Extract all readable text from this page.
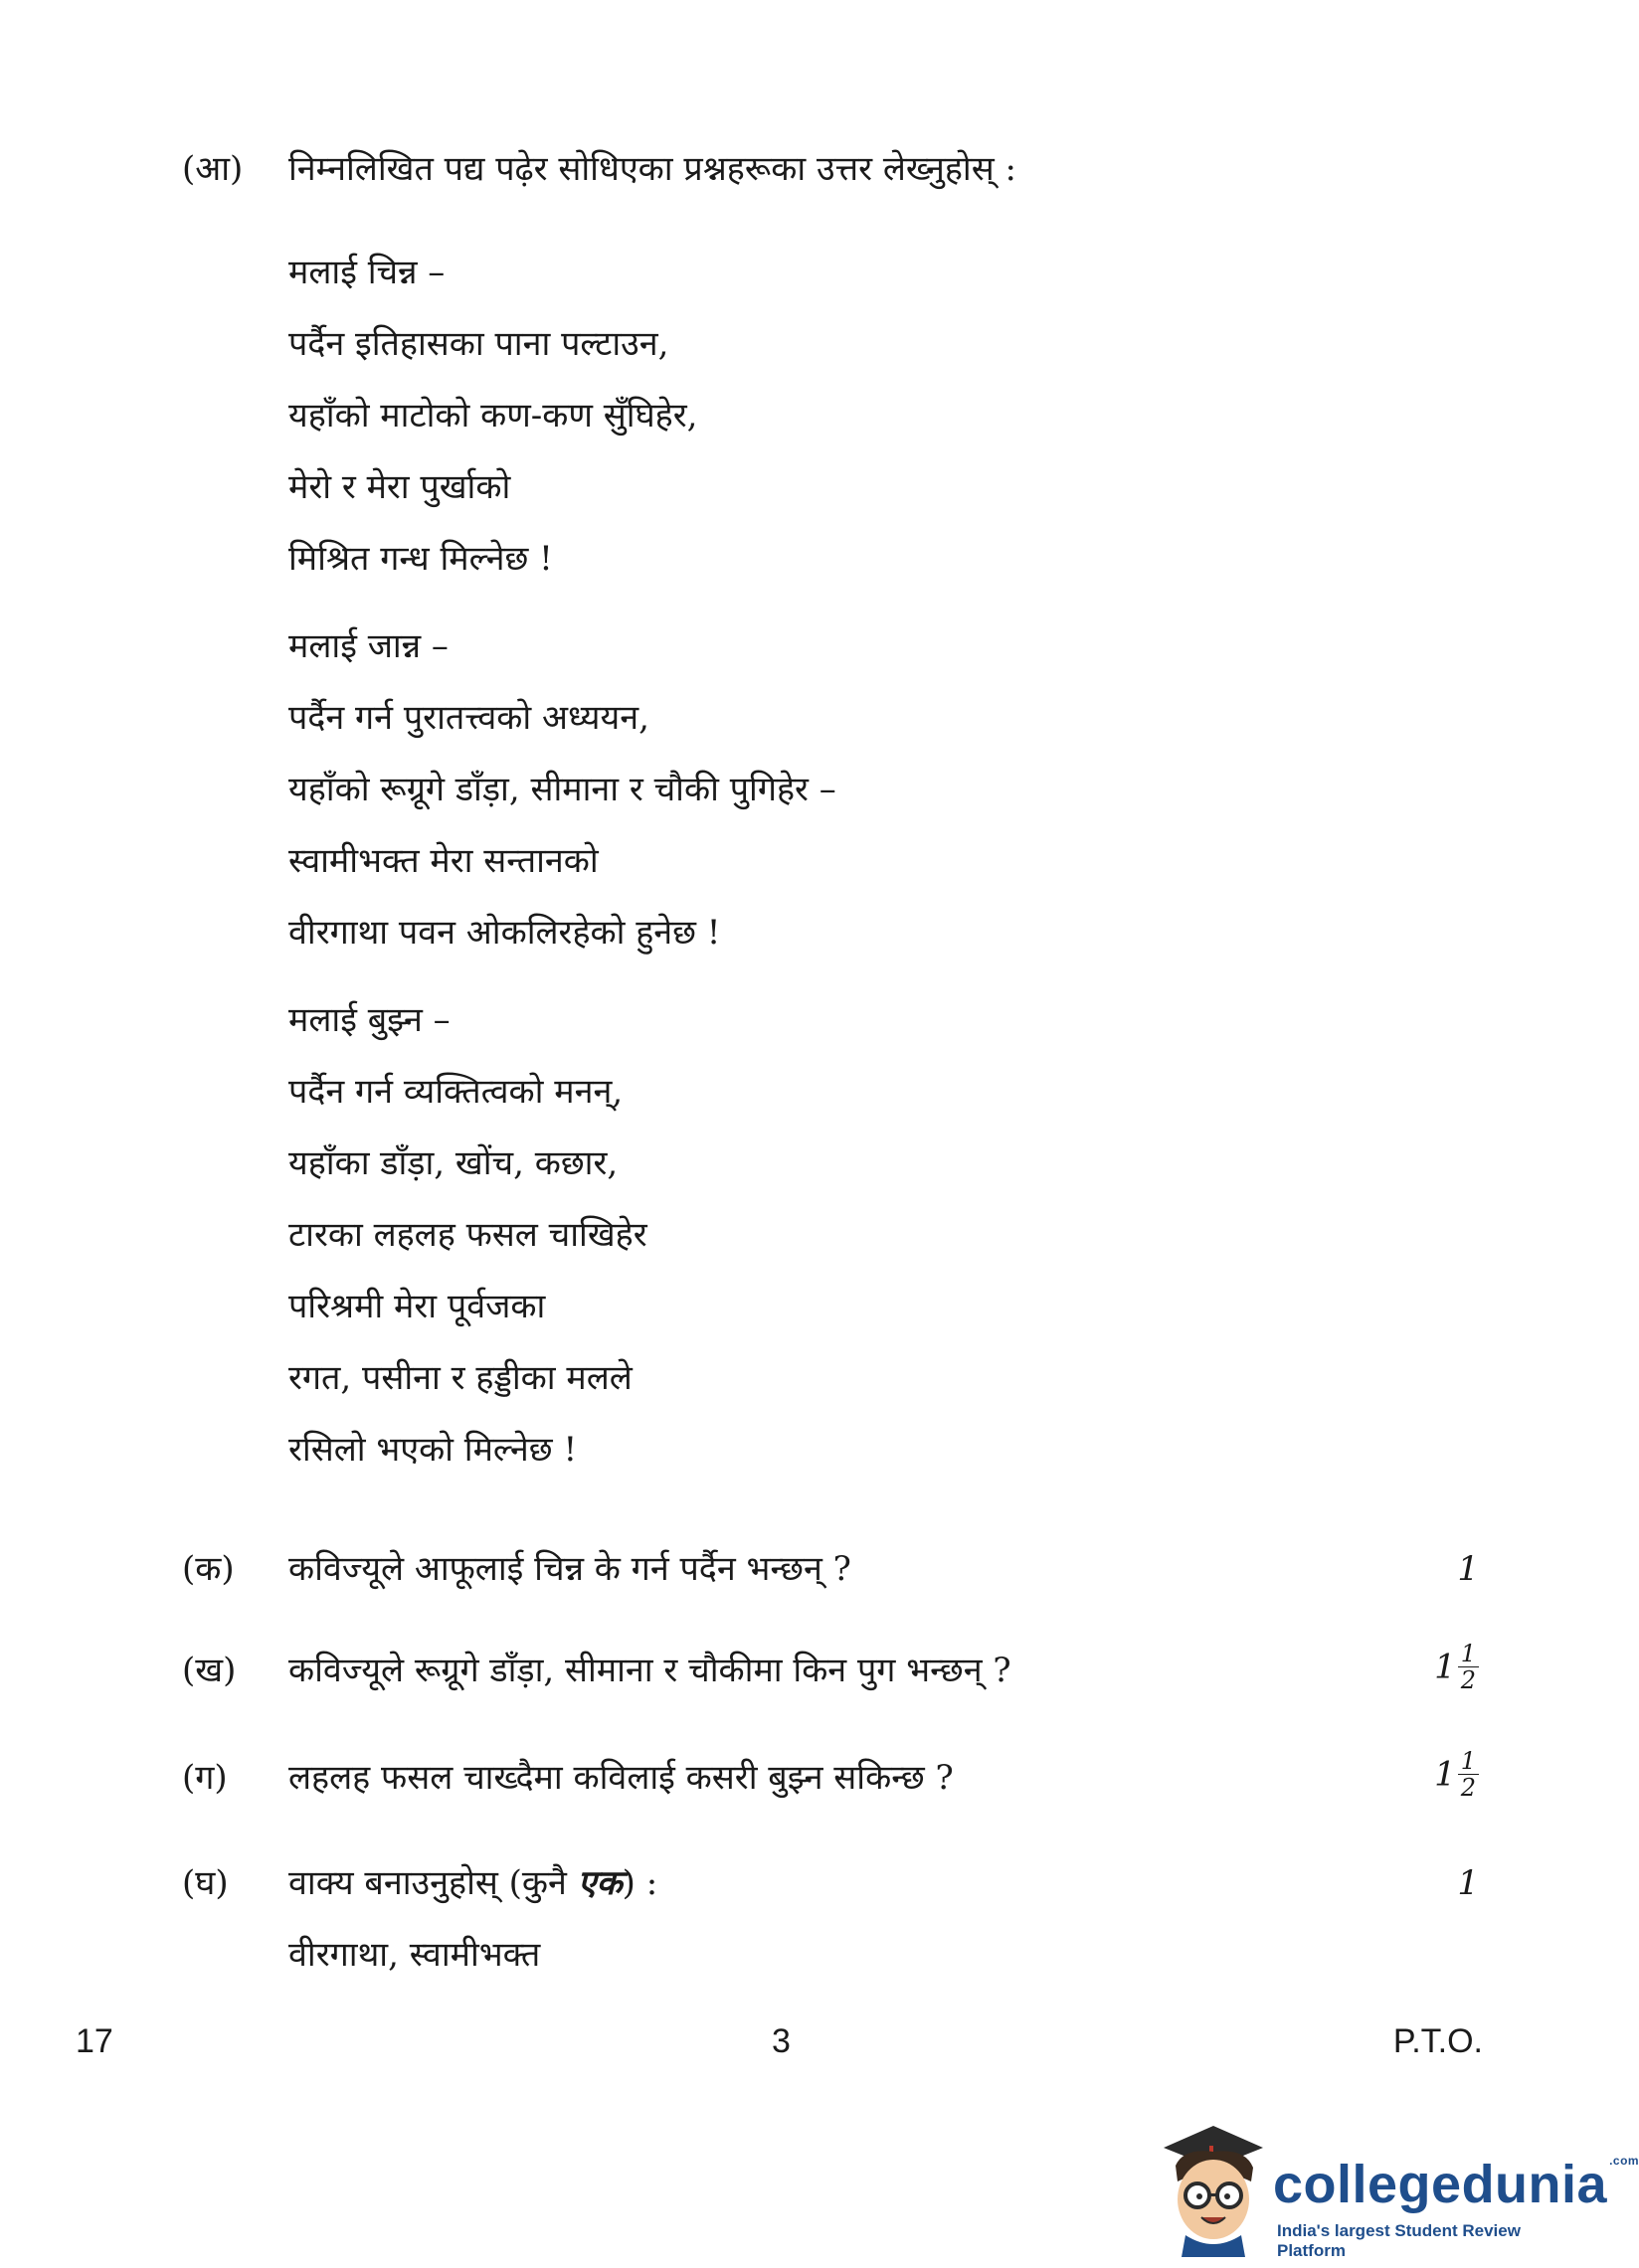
(आ) निम्नलिखित पद्य पढ़ेर सोधिएका प्रश्नहरूका उत्तर लेख्नुहोस् :
मलाई चिन्न –
पर्दैन इतिहासका पाना पल्टाउन,
यहाँको माटोको कण-कण सुँघिहेर,
मेरो र मेरा पुर्खाको
मिश्रित गन्ध मिल्नेछ !
मलाई जान्न –
पर्दैन गर्न पुरातत्त्वको अध्ययन,
यहाँको रूग्रूगे डाँड़ा, सीमाना र चौकी पुगिहेर –
स्वामीभक्त मेरा सन्तानको
वीरगाथा पवन ओकलिरहेको हुनेछ !
मलाई बुझ्न –
पर्दैन गर्न व्यक्तित्वको मनन्,
यहाँका डाँड़ा, खोंच, कछार,
टारका लहलह फसल चाखिहेर
परिश्रमी मेरा पूर्वजका
रगत, पसीना र हड्डीका मलले
रसिलो भएको मिल्नेछ !
(क) कविज्यूले आफूलाई चिन्न के गर्न पर्दैन भन्छन् ?	1
(ख) कविज्यूले रूग्रूगे डाँड़ा, सीमाना र चौकीमा किन पुग भन्छन् ?	$1 \frac{1}{2}$
(ग) लहलह फसल चाख्दैमा कविलाई कसरी बुझ्न सकिन्छ ?	$1 \frac{1}{2}$
(घ) वाक्य बनाउनुहोस् (कुनै एक) :	1
वीरगाथा, स्वामीभक्त
17	3	P.T.O.
collegedunia $^{.com}$
India's largest Student Review Platform
